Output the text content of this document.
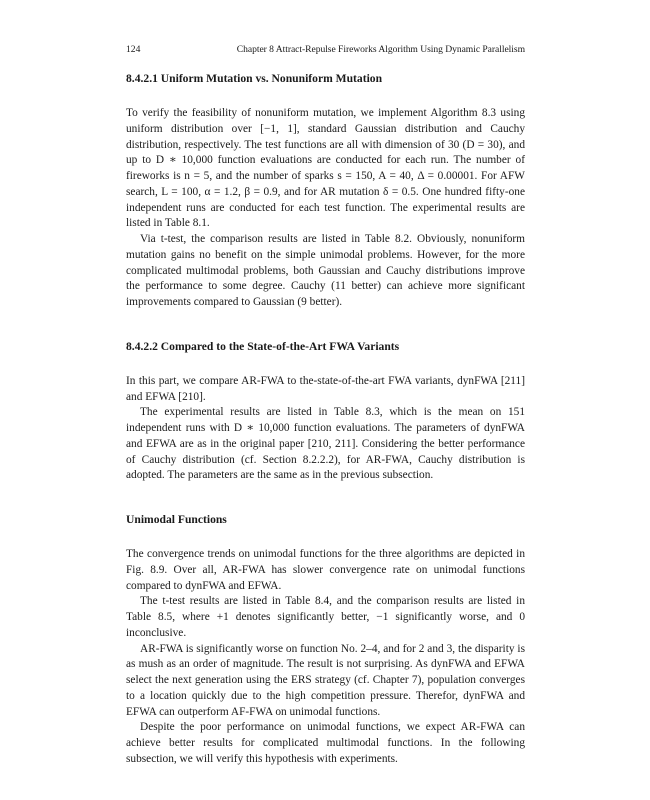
124	Chapter 8 Attract-Repulse Fireworks Algorithm Using Dynamic Parallelism
8.4.2.1 Uniform Mutation vs. Nonuniform Mutation

To verify the feasibility of nonuniform mutation, we implement Algorithm 8.3 using uniform distribution over [−1, 1], standard Gaussian distribution and Cauchy distribution, respectively. The test functions are all with dimension of 30 (D = 30), and up to D ∗ 10,000 function evaluations are conducted for each run. The number of fireworks is n = 5, and the number of sparks s = 150, A = 40, Δ = 0.00001. For AFW search, L = 100, α = 1.2, β = 0.9, and for AR mutation δ = 0.5. One hundred fifty-one independent runs are conducted for each test function. The experimental results are listed in Table 8.1.

Via t-test, the comparison results are listed in Table 8.2. Obviously, nonuniform mutation gains no benefit on the simple unimodal problems. However, for the more complicated multimodal problems, both Gaussian and Cauchy distributions improve the performance to some degree. Cauchy (11 better) can achieve more significant improvements compared to Gaussian (9 better).

8.4.2.2 Compared to the State-of-the-Art FWA Variants

In this part, we compare AR-FWA to the-state-of-the-art FWA variants, dynFWA [211] and EFWA [210].

The experimental results are listed in Table 8.3, which is the mean on 151 independent runs with D ∗ 10,000 function evaluations. The parameters of dynFWA and EFWA are as in the original paper [210, 211]. Considering the better performance of Cauchy distribution (cf. Section 8.2.2.2), for AR-FWA, Cauchy distribution is adopted. The parameters are the same as in the previous subsection.

Unimodal Functions

The convergence trends on unimodal functions for the three algorithms are depicted in Fig. 8.9. Over all, AR-FWA has slower convergence rate on unimodal functions compared to dynFWA and EFWA.

The t-test results are listed in Table 8.4, and the comparison results are listed in Table 8.5, where +1 denotes significantly better, −1 significantly worse, and 0 inconclusive.

AR-FWA is significantly worse on function No. 2–4, and for 2 and 3, the disparity is as mush as an order of magnitude. The result is not surprising. As dynFWA and EFWA select the next generation using the ERS strategy (cf. Chapter 7), population converges to a location quickly due to the high competition pressure. Therefor, dynFWA and EFWA can outperform AF-FWA on unimodal functions.

Despite the poor performance on unimodal functions, we expect AR-FWA can achieve better results for complicated multimodal functions. In the following subsection, we will verify this hypothesis with experiments.
